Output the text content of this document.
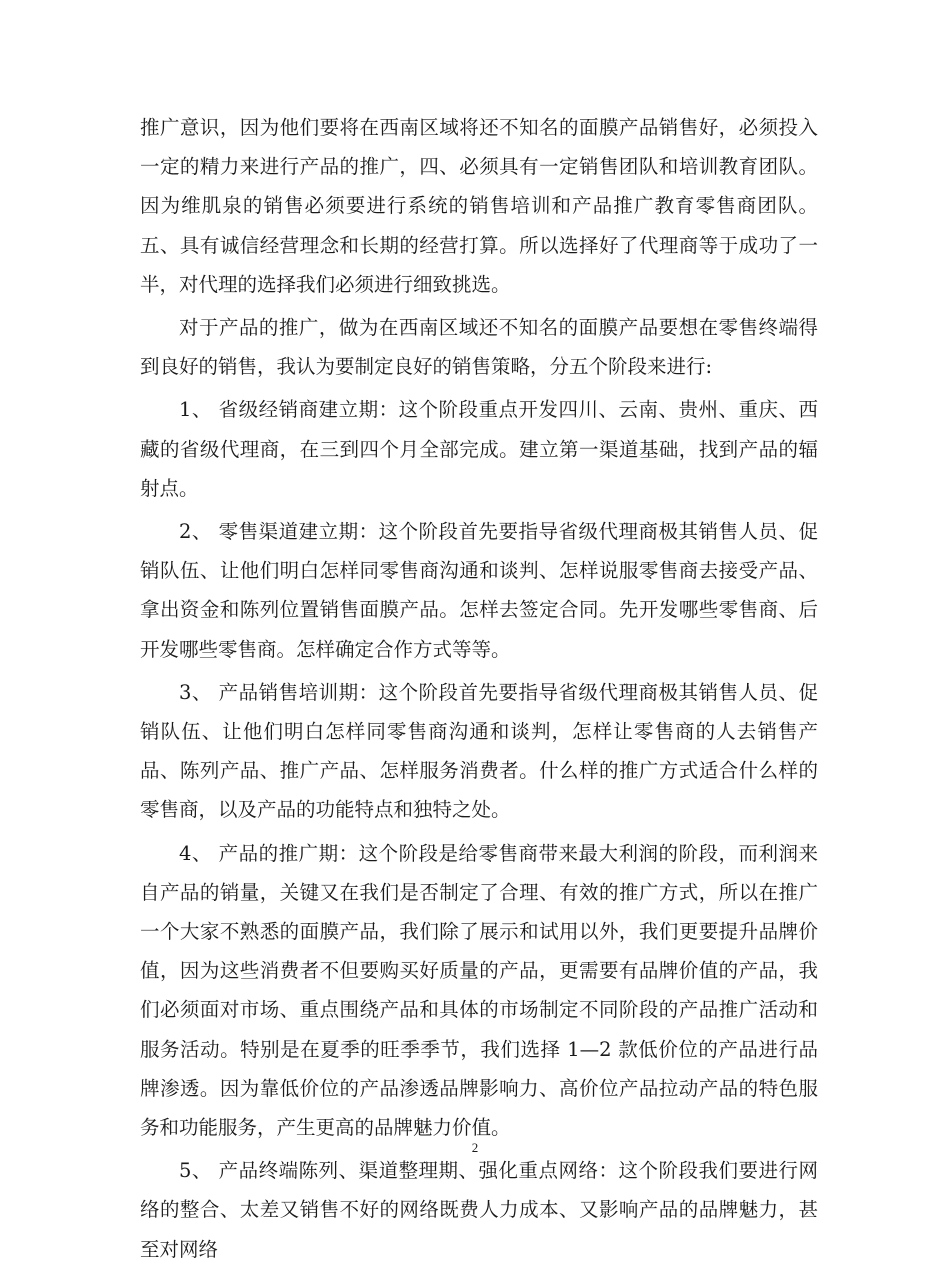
推广意识，因为他们要将在西南区域将还不知名的面膜产品销售好，必须投入一定的精力来进行产品的推广，四、必须具有一定销售团队和培训教育团队。因为维肌泉的销售必须要进行系统的销售培训和产品推广教育零售商团队。五、具有诚信经营理念和长期的经营打算。所以选择好了代理商等于成功了一半，对代理的选择我们必须进行细致挑选。

对于产品的推广，做为在西南区域还不知名的面膜产品要想在零售终端得到良好的销售，我认为要制定良好的销售策略，分五个阶段来进行:

1、 省级经销商建立期：这个阶段重点开发四川、云南、贵州、重庆、西藏的省级代理商，在三到四个月全部完成。建立第一渠道基础，找到产品的辐射点。

2、 零售渠道建立期：这个阶段首先要指导省级代理商极其销售人员、促销队伍、让他们明白怎样同零售商沟通和谈判、怎样说服零售商去接受产品、拿出资金和陈列位置销售面膜产品。怎样去签定合同。先开发哪些零售商、后开发哪些零售商。怎样确定合作方式等等。

3、 产品销售培训期：这个阶段首先要指导省级代理商极其销售人员、促销队伍、让他们明白怎样同零售商沟通和谈判，怎样让零售商的人去销售产品、陈列产品、推广产品、怎样服务消费者。什么样的推广方式适合什么样的零售商，以及产品的功能特点和独特之处。

4、 产品的推广期：这个阶段是给零售商带来最大利润的阶段，而利润来自产品的销量，关键又在我们是否制定了合理、有效的推广方式，所以在推广一个大家不熟悉的面膜产品，我们除了展示和试用以外，我们更要提升品牌价值，因为这些消费者不但要购买好质量的产品，更需要有品牌价值的产品，我们必须面对市场、重点围绕产品和具体的市场制定不同阶段的产品推广活动和服务活动。特别是在夏季的旺季季节，我们选择 1—2 款低价位的产品进行品牌渗透。因为靠低价位的产品渗透品牌影响力、高价位产品拉动产品的特色服务和功能服务，产生更高的品牌魅力价值。

5、 产品终端陈列、渠道整理期、强化重点网络：这个阶段我们要进行网络的整合、太差又销售不好的网络既费人力成本、又影响产品的品牌魅力，甚至对网络

2
